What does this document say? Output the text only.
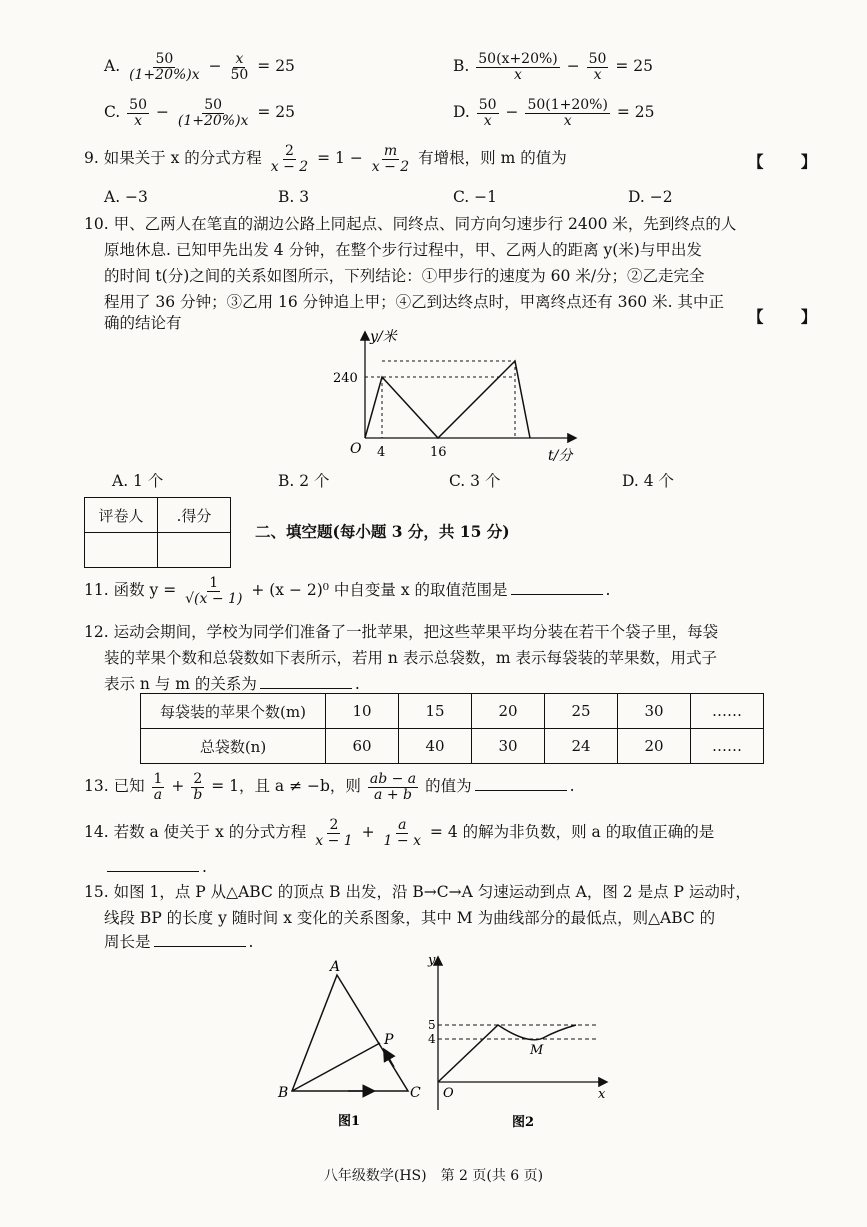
A. $\frac{50}{(1+20\%)x} - \frac{x}{50} = 25$	B. $\frac{50(x+20\%)}{x} - \frac{50}{x} = 25$
C. $\frac{50}{x} - \frac{50}{(1+20\%)x} = 25$	D. $\frac{50}{x} - \frac{50(1+20\%)}{x} = 25$
9. 如果关于 x 的分式方程 $\frac{2}{x - 2} = 1 - \frac{m}{x - 2}$ 有增根，则 m 的值为	【 】
A. −3	B. 3	C. −1	D. −2
10. 甲、乙两人在笔直的湖边公路上同起点、同终点、同方向匀速步行 2400 米，先到终点的人
原地休息. 已知甲先出发 4 分钟，在整个步行过程中，甲、乙两人的距离 y(米)与甲出发
的时间 t(分)之间的关系如图所示，下列结论：①甲步行的速度为 60 米/分；②乙走完全
程用了 36 分钟；③乙用 16 分钟追上甲；④乙到达终点时，甲离终点还有 360 米. 其中正
确的结论有	【 】
y/米
t/分
O
240
4	16
A. 1 个	B. 2 个	C. 3 个	D. 4 个
评卷人	.得分

二、填空题(每小题 3 分，共 15 分)
11. 函数 $y = \frac{1}{√(x - 1)} + (x - 2)^0$ 中自变量 x 的取值范围是	.
12. 运动会期间，学校为同学们准备了一批苹果，把这些苹果平均分装在若干个袋子里，每袋
装的苹果个数和总袋数如下表所示，若用 n 表示总袋数，m 表示每袋装的苹果数，用式子
表示 n 与 m 的关系为	.
每袋装的苹果个数(m)	10	15	20	25	30	……
总袋数(n)	60	40	30	24	20	……
13. 已知 $\frac{1}{a} + \frac{2}{b} = 1$，且 a ≠ −b，则 $\frac{ab - a}{a + b}$ 的值为	.
14. 若数 a 使关于 x 的分式方程 $\frac{2}{x - 1} + \frac{a}{1 - x} = 4$ 的解为非负数，则 a 的取值正确的是
.
15. 如图 1，点 P 从△ABC 的顶点 B 出发，沿 B→C→A 匀速运动到点 A，图 2 是点 P 运动时，
线段 BP 的长度 y 随时间 x 变化的关系图象，其中 M 为曲线部分的最低点，则△ABC 的
周长是	.
A
B	C
P
图1
y
x
O
5
4
M
图2
八年级数学(HS)　第 2 页(共 6 页)
